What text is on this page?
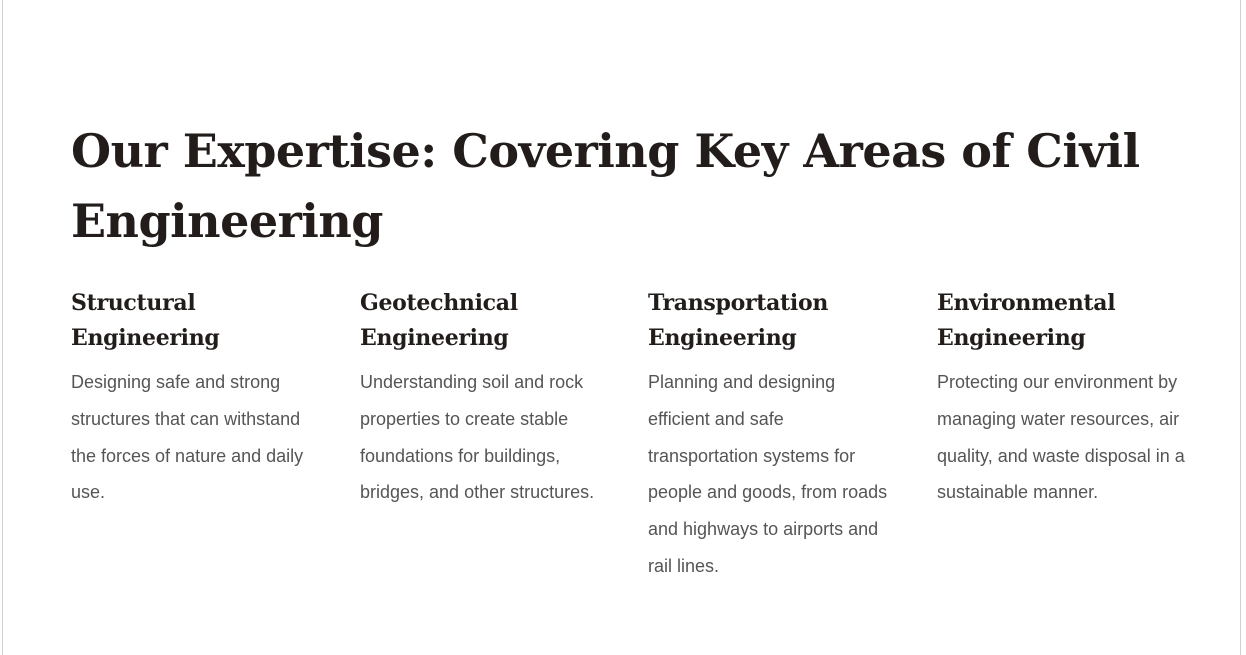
Our Expertise: Covering Key Areas of Civil Engineering
Structural Engineering

Designing safe and strong structures that can withstand the forces of nature and daily use.

Geotechnical Engineering

Understanding soil and rock properties to create stable foundations for buildings, bridges, and other structures.

Transportation Engineering

Planning and designing efficient and safe transportation systems for people and goods, from roads and highways to airports and rail lines.

Environmental Engineering

Protecting our environment by managing water resources, air quality, and waste disposal in a sustainable manner.
